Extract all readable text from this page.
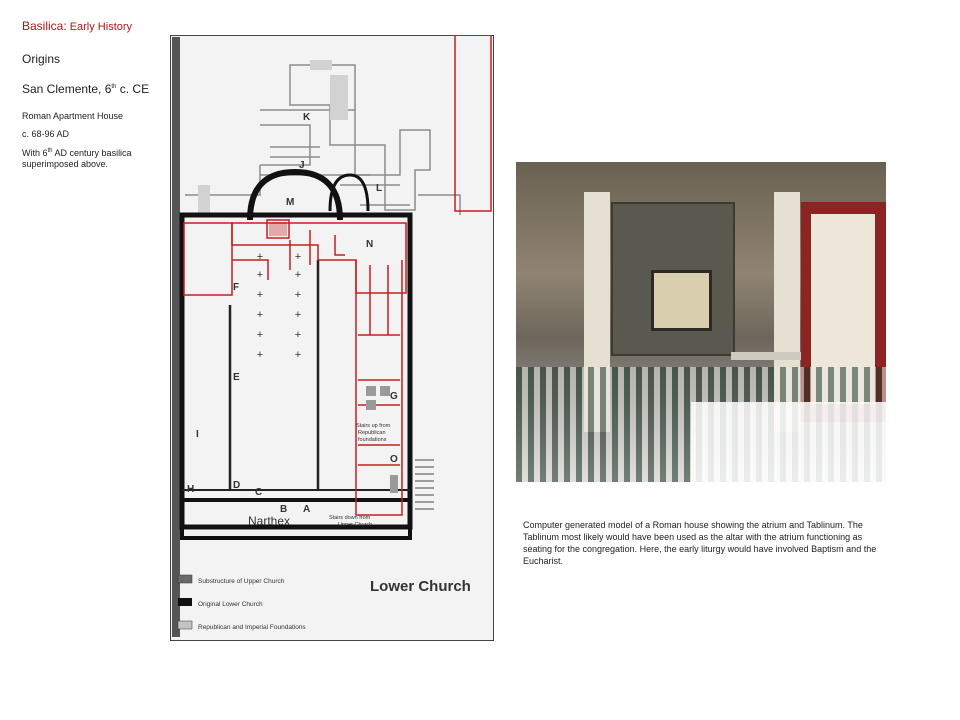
Basilica: Early History
Origins
San Clemente, 6th c. CE
Roman Apartment House
c. 68-96 AD
With 6th AD century basilica superimposed above.
+	+
+	+
+	+
+	+
+	+
+	+
K
J
L
M
N
F
E
G
I
O
H	D
C
B A
Narthex
Stairs up from
Republican
foundations
Stairs down from
Upper Church
Substructure of Upper Church
Original Lower Church
Republican and Imperial Foundations
Lower Church
Computer generated model of a Roman house showing the atrium and Tablinum. The Tablinum most likely would have been used as the altar with the atrium functioning as seating for the congregation. Here, the early liturgy would have involved Baptism and the Eucharist.
